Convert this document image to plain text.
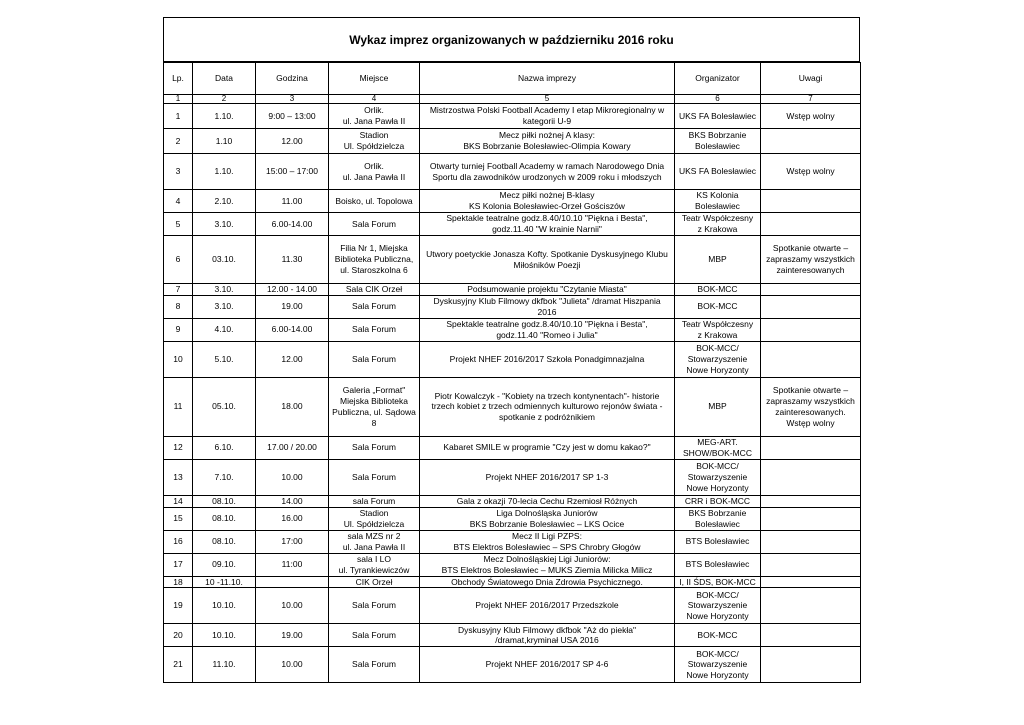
Wykaz imprez organizowanych w październiku 2016 roku
Lp.	Data	Godzina	Miejsce	Nazwa imprezy	Organizator	Uwagi
1	2	3	4	5	6	7
1	1.10.	9:00 – 13:00	Orlik.
ul. Jana Pawła II	Mistrzostwa Polski Football Academy I etap Mikroregionalny w
kategorii U-9	UKS FA Bolesławiec	Wstęp wolny

2	1.10	12.00	Stadion
Ul. Spółdzielcza	Mecz piłki nożnej A klasy:
BKS Bobrzanie Bolesławiec-Olimpia Kowary	BKS Bobrzanie
Bolesławiec	

3	1.10.	15:00 – 17:00	Orlik.
ul. Jana Pawła II	Otwarty turniej Football Academy w ramach Narodowego Dnia
Sportu dla zawodników urodzonych w 2009 roku i młodszych	UKS FA Bolesławiec	Wstęp wolny

4	2.10.	11.00	Boisko, ul. Topolowa	Mecz piłki nożnej B-klasy
KS Kolonia Bolesławiec-Orzeł Gościszów	KS Kolonia
Bolesławiec	

5	3.10.	6.00-14.00	Sala Forum	Spektakle teatralne godz.8.40/10.10 "Piękna i Besta",
godz.11.40 "W krainie Narnii"	Teatr Współczesny
z Krakowa	

6	03.10.	11.30	Filia Nr 1, Miejska
Biblioteka Publiczna,
ul. Staroszkolna 6	Utwory poetyckie Jonasza Kofty. Spotkanie Dyskusyjnego Klubu
Miłośników Poezji	MBP	Spotkanie otwarte –
zapraszamy wszystkich
zainteresowanych

7	3.10.	12.00 - 14.00	Sala CIK Orzeł	Podsumowanie projektu "Czytanie Miasta"	BOK-MCC	

8	3.10.	19.00	Sala Forum	Dyskusyjny Klub Filmowy dkfbok "Julieta" /dramat Hiszpania
2016	BOK-MCC	

9	4.10.	6.00-14.00	Sala Forum	Spektakle teatralne godz.8.40/10.10 "Piękna i Besta",
godz.11.40 "Romeo i Julia"	Teatr Współczesny
z Krakowa	

10	5.10.	12.00	Sala Forum	Projekt NHEF 2016/2017 Szkoła Ponadgimnazjalna	BOK-MCC/
Stowarzyszenie
Nowe Horyzonty	

11	05.10.	18.00	Galeria „Format"
Miejska Biblioteka
Publiczna, ul. Sądowa
8	Piotr Kowalczyk - "Kobiety na trzech kontynentach"- historie
trzech kobiet z trzech odmiennych kulturowo rejonów świata -
spotkanie z podróżnikiem	MBP	Spotkanie otwarte –
zapraszamy wszystkich
zainteresowanych.
Wstęp wolny

12	6.10.	17.00 / 20.00	Sala Forum	Kabaret SMILE w programie "Czy jest w domu kakao?"	MEG-ART.
SHOW/BOK-MCC	

13	7.10.	10.00	Sala Forum	Projekt NHEF 2016/2017 SP 1-3	BOK-MCC/
Stowarzyszenie
Nowe Horyzonty	

14	08.10.	14.00	sala Forum	Gala z okazji 70-lecia Cechu Rzemiosł Różnych	CRR i BOK-MCC	

15	08.10.	16.00	Stadion
Ul. Spółdzielcza	Liga Dolnośląska Juniorów
BKS Bobrzanie Bolesławiec – LKS Ocice	BKS Bobrzanie
Bolesławiec	

16	08.10.	17:00	sala MZS nr 2
ul. Jana Pawła II	Mecz II Ligi PZPS:
BTS Elektros Bolesławiec – SPS Chrobry Głogów	BTS Bolesławiec	

17	09.10.	11:00	sala I LO
ul. Tyrankiewiczów	Mecz Dolnośląskiej Ligi Juniorów:
BTS Elektros Bolesławiec – MUKS Ziemia Milicka Milicz	BTS Bolesławiec	

18	10 -11.10.		CIK Orzeł	Obchody Światowego Dnia Zdrowia Psychicznego.	I, II ŚDS, BOK-MCC	

19	10.10.	10.00	Sala Forum	Projekt NHEF 2016/2017 Przedszkole	BOK-MCC/
Stowarzyszenie
Nowe Horyzonty	

20	10.10.	19.00	Sala Forum	Dyskusyjny Klub Filmowy dkfbok "Aż do piekła"
/dramat,kryminał USA 2016	BOK-MCC	

21	11.10.	10.00	Sala Forum	Projekt NHEF 2016/2017 SP 4-6	BOK-MCC/
Stowarzyszenie
Nowe Horyzonty	
